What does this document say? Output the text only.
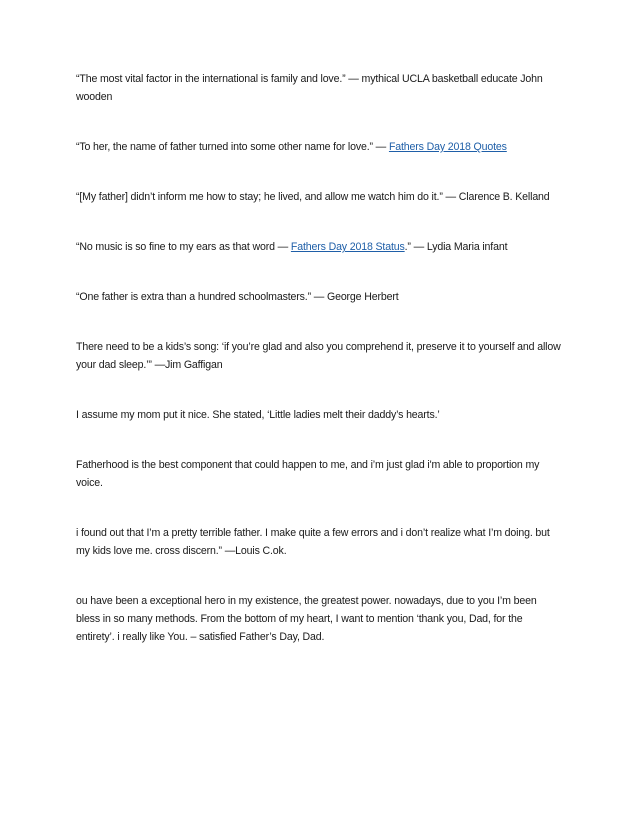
“The most vital factor in the international is family and love.” — mythical UCLA basketball educate John wooden

“To her, the name of father turned into some other name for love.” — Fathers Day 2018 Quotes

“[My father] didn’t inform me how to stay; he lived, and allow me watch him do it.” — Clarence B. Kelland

“No music is so fine to my ears as that word — Fathers Day 2018 Status.” — Lydia Maria infant

“One father is extra than a hundred schoolmasters.” — George Herbert

There need to be a kids’s song: ‘if you’re glad and also you comprehend it, preserve it to yourself and allow your dad sleep.’” —Jim Gaffigan

I assume my mom put it nice. She stated, ‘Little ladies melt their daddy’s hearts.’

Fatherhood is the best component that could happen to me, and i’m just glad i'm able to proportion my voice.

i found out that I’m a pretty terrible father. I make quite a few errors and i don’t realize what I’m doing. but my kids love me. cross discern.” —Louis C.ok.

ou have been a exceptional hero in my existence, the greatest power. nowadays, due to you I’m been bless in so many methods. From the bottom of my heart, I want to mention ‘thank you, Dad, for the entirety’. i really like You. – satisfied Father’s Day, Dad.
